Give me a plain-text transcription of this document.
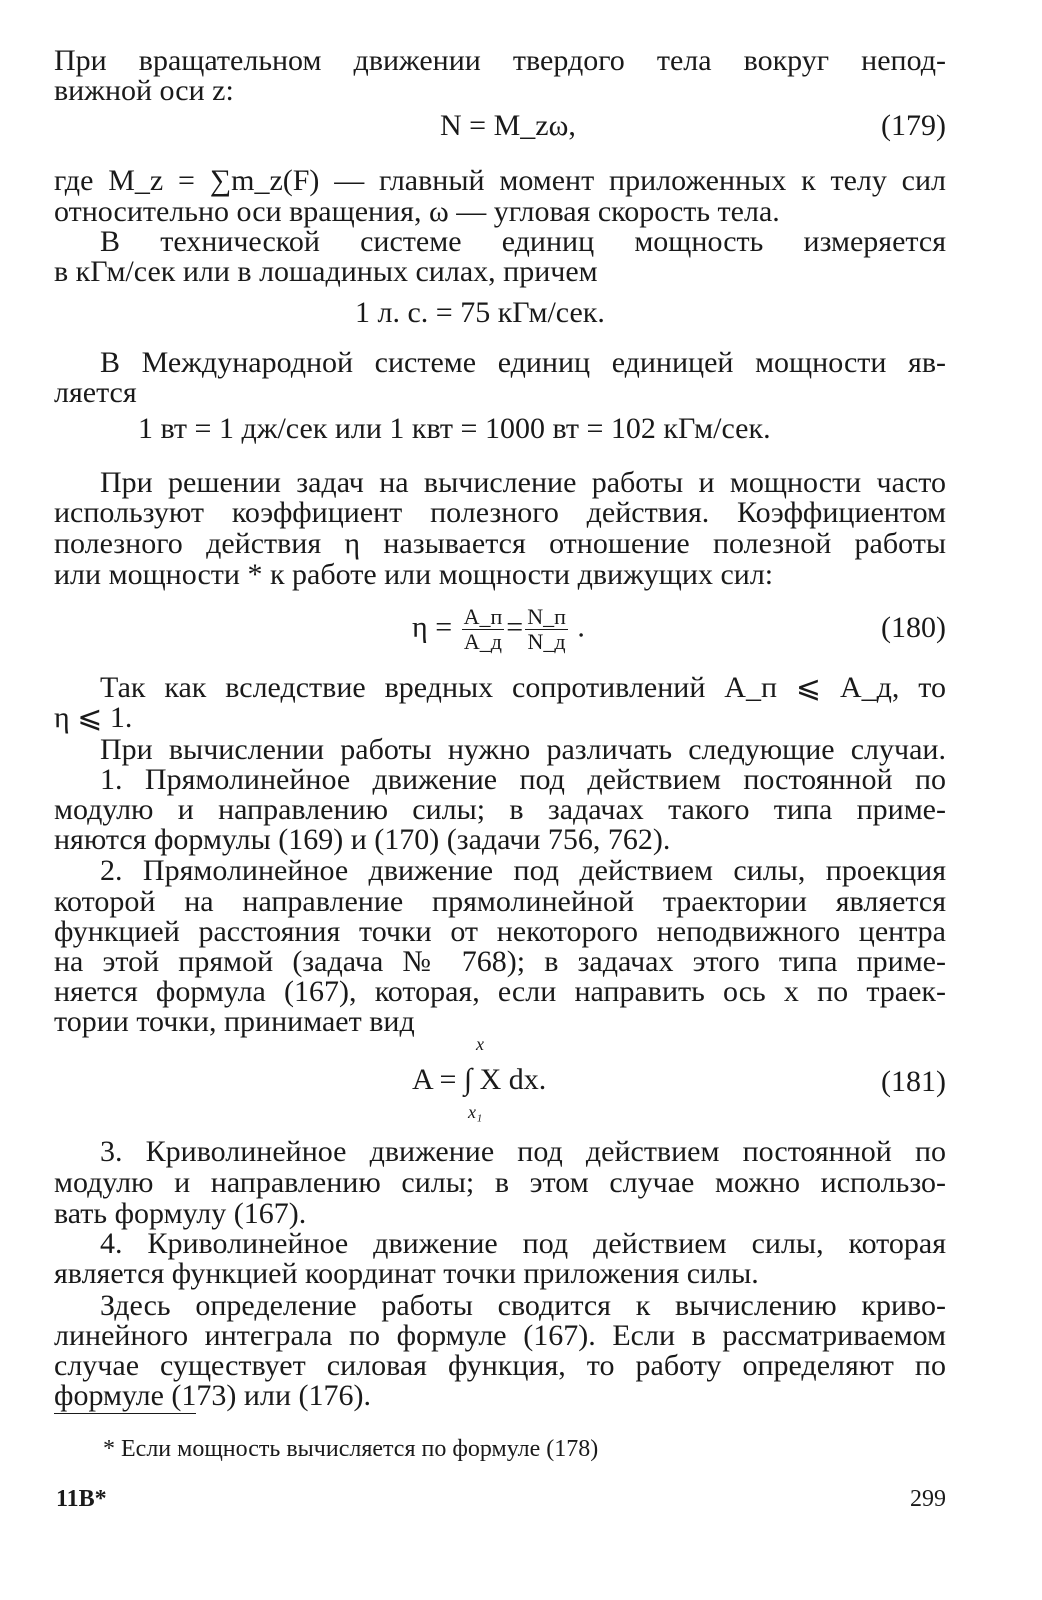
При вращательном движении твердого тела вокруг непод-
вижной оси z:
N = M_zω,	(179)
где M_z = ∑m_z(F) — главный момент приложенных к телу сил
относительно оси вращения, ω — угловая скорость тела.
В технической системе единиц мощность измеряется
в кГм/сек или в лошадиных силах, причем
1 л. с. = 75 кГм/сек.
В Международной системе единиц единицей мощности яв-
ляется
1 вт = 1 дж/сек или 1 квт = 1000 вт = 102 кГм/сек.
При решении задач на вычисление работы и мощности часто
используют коэффициент полезного действия. Коэффициентом
полезного действия η называется отношение полезной работы
или мощности * к работе или мощности движущих сил:
$\eta = \frac{A\_п}{A\_д} = \frac{N\_п}{N\_д}$ .	(180)
Так как вследствие вредных сопротивлений A_п ⩽ A_д, то
η ⩽ 1.
При вычислении работы нужно различать следующие случаи.
1. Прямолинейное движение под действием постоянной по
модулю и направлению силы; в задачах такого типа приме-
няются формулы (169) и (170) (задачи 756, 762).
2. Прямолинейное движение под действием силы, проекция
которой на направление прямолинейной траектории является
функцией расстояния точки от некоторого неподвижного центра
на этой прямой (задача № 768); в задачах этого типа приме-
няется формула (167), которая, если направить ось x по траек-
тории точки, принимает вид
A = ∫ X dx.
x
x₁
(181)
3. Криволинейное движение под действием постоянной по
модулю и направлению силы; в этом случае можно использо-
вать формулу (167).
4. Криволинейное движение под действием силы, которая
является функцией координат точки приложения силы.
Здесь определение работы сводится к вычислению криво-
линейного интеграла по формуле (167). Если в рассматриваемом
случае существует силовая функция, то работу определяют по
формуле (173) или (176).
* Если мощность вычисляется по формуле (178)
11В*	299
